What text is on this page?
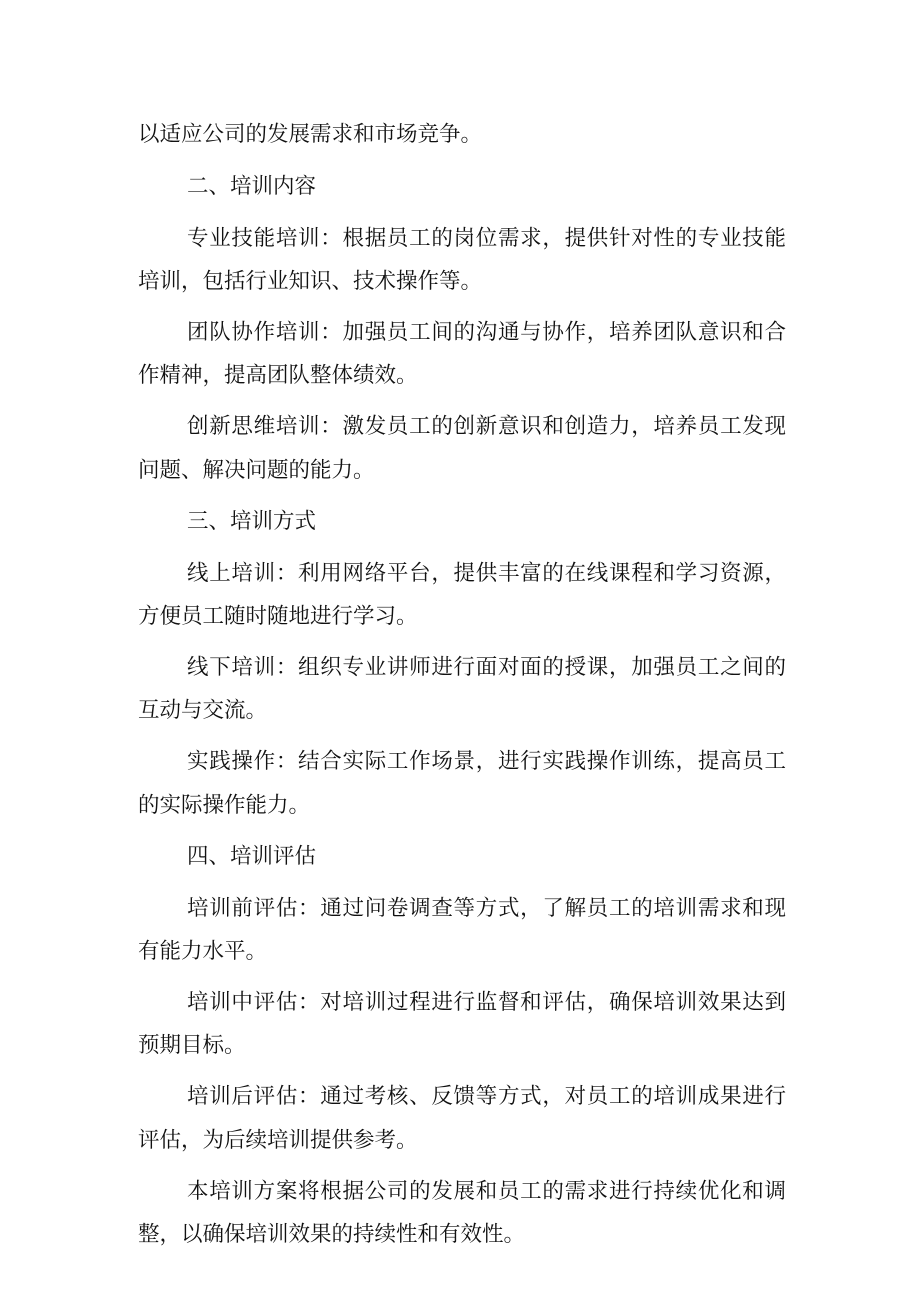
以适应公司的发展需求和市场竞争。
二、培训内容
专业技能培训：根据员工的岗位需求，提供针对性的专业技能培训，包括行业知识、技术操作等。
团队协作培训：加强员工间的沟通与协作，培养团队意识和合作精神，提高团队整体绩效。
创新思维培训：激发员工的创新意识和创造力，培养员工发现问题、解决问题的能力。
三、培训方式
线上培训：利用网络平台，提供丰富的在线课程和学习资源，方便员工随时随地进行学习。
线下培训：组织专业讲师进行面对面的授课，加强员工之间的互动与交流。
实践操作：结合实际工作场景，进行实践操作训练，提高员工的实际操作能力。
四、培训评估
培训前评估：通过问卷调查等方式，了解员工的培训需求和现有能力水平。
培训中评估：对培训过程进行监督和评估，确保培训效果达到预期目标。
培训后评估：通过考核、反馈等方式，对员工的培训成果进行评估，为后续培训提供参考。
本培训方案将根据公司的发展和员工的需求进行持续优化和调整，以确保培训效果的持续性和有效性。
